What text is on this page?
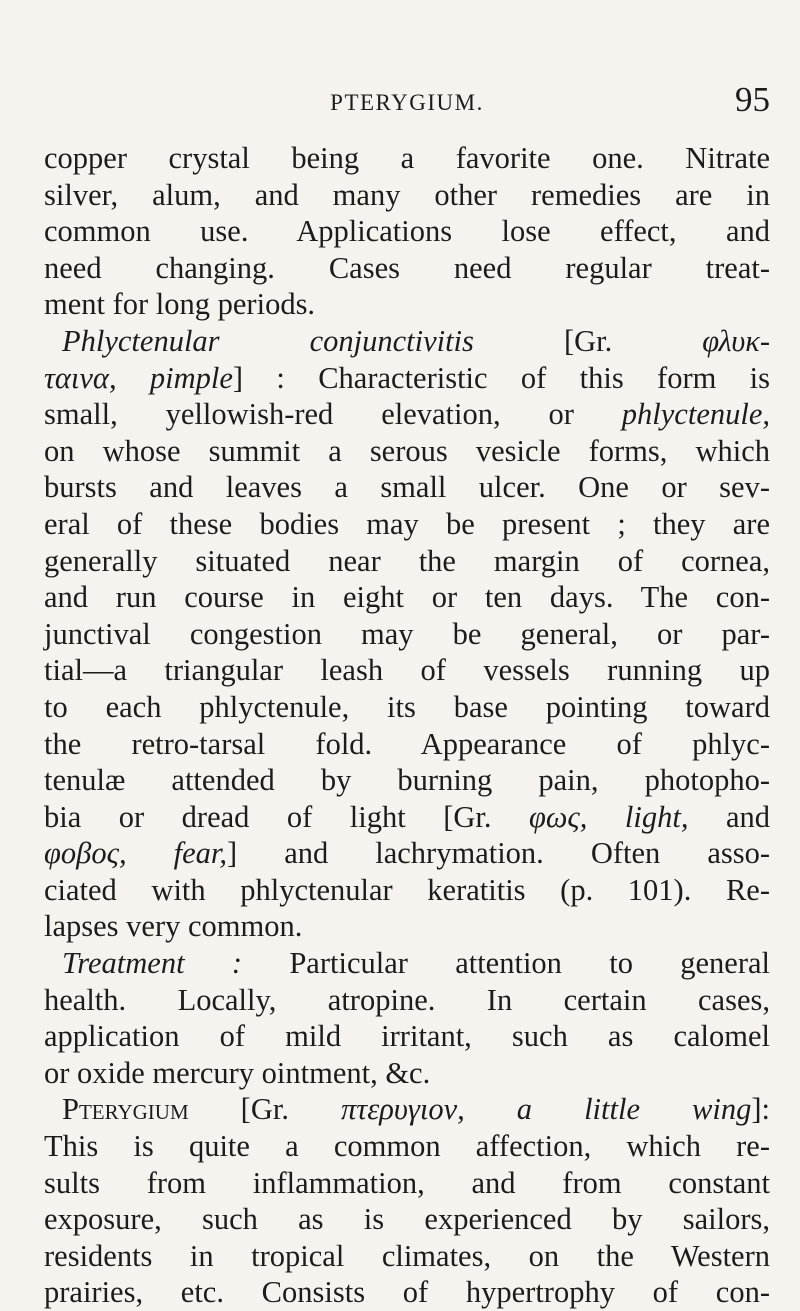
PTERYGIUM.	95
copper crystal being a favorite one. Nitrate
silver, alum, and many other remedies are in
common use. Applications lose effect, and
need changing. Cases need regular treat-
ment for long periods.
Phlyctenular conjunctivitis [Gr. φλυκ-
ταινα, pimple] : Characteristic of this form is
small, yellowish-red elevation, or phlyctenule,
on whose summit a serous vesicle forms, which
bursts and leaves a small ulcer. One or sev-
eral of these bodies may be present ; they are
generally situated near the margin of cornea,
and run course in eight or ten days. The con-
junctival congestion may be general, or par-
tial—a triangular leash of vessels running up
to each phlyctenule, its base pointing toward
the retro-tarsal fold. Appearance of phlyc-
tenulæ attended by burning pain, photopho-
bia or dread of light [Gr. φως, light, and
φοβος, fear,] and lachrymation. Often asso-
ciated with phlyctenular keratitis (p. 101). Re-
lapses very common.
Treatment : Particular attention to general
health. Locally, atropine. In certain cases,
application of mild irritant, such as calomel
or oxide mercury ointment, &c.
Pterygium [Gr. πτερυγιον, a little wing]:
This is quite a common affection, which re-
sults from inflammation, and from constant
exposure, such as is experienced by sailors,
residents in tropical climates, on the Western
prairies, etc. Consists of hypertrophy of con-
